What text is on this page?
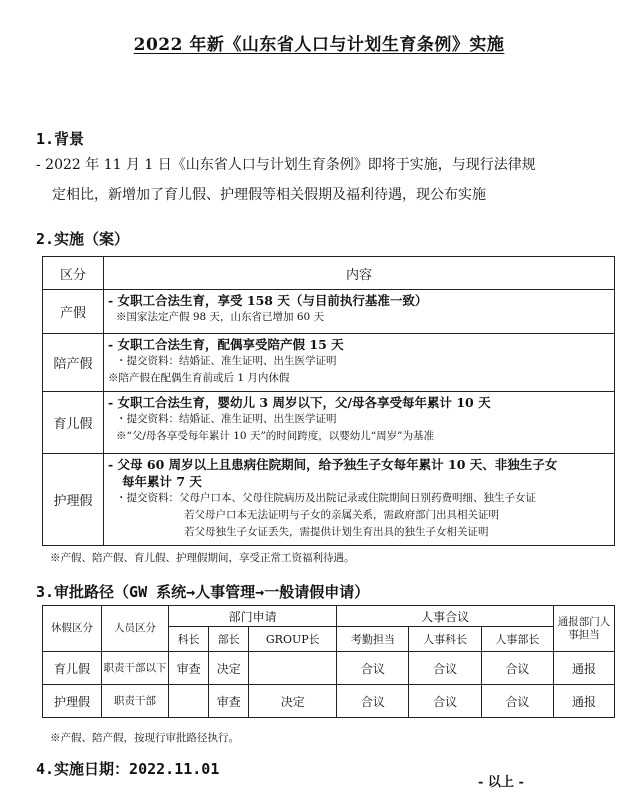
2022 年新《山东省人口与计划生育条例》实施
1.背景
- 2022 年 11 月 1 日《山东省人口与计划生育条例》即将于实施，与现行法律规
定相比，新增加了育儿假、护理假等相关假期及福利待遇，现公布实施
2.实施（案）
区分	内容
产假	- 女职工合法生育，享受 158 天（与目前执行基准一致）
※国家法定产假 98 天，山东省已增加 60 天

陪产假	- 女职工合法生育，配偶享受陪产假 15 天
・提交资料：结婚证、准生证明、出生医学证明
※陪产假在配偶生育前或后 1 月内休假

育儿假	- 女职工合法生育，婴幼儿 3 周岁以下，父/母各享受每年累计 10 天
・提交资料：结婚证、准生证明、出生医学证明
※“父/母各享受每年累计 10 天”的时间跨度，以婴幼儿“周岁”为基准

护理假	- 父母 60 周岁以上且患病住院期间，给予独生子女每年累计 10 天、非独生子女
每年累计 7 天
・提交资料：父母户口本、父母住院病历及出院记录或住院期间日别药费明细、独生子女证
若父母户口本无法证明与子女的亲属关系，需政府部门出具相关证明
若父母独生子女证丢失，需提供计划生育出具的独生子女相关证明
※产假、陪产假、育儿假、护理假期间，享受正常工资福利待遇。
3.审批路径（GW 系统→人事管理→一般请假申请）
休假区分	人员区分	部门申请			人事合议			通报部门人事担当
		科长	部长	GROUP长	考勤担当	人事科长	人事部长	
育儿假	职责干部以下	审查	决定		合议	合议	合议	通报
护理假	职责干部		审查	决定	合议	合议	合议	通报
※产假、陪产假，按现行审批路径执行。
4.实施日期：2022.11.01
- 以上 -
